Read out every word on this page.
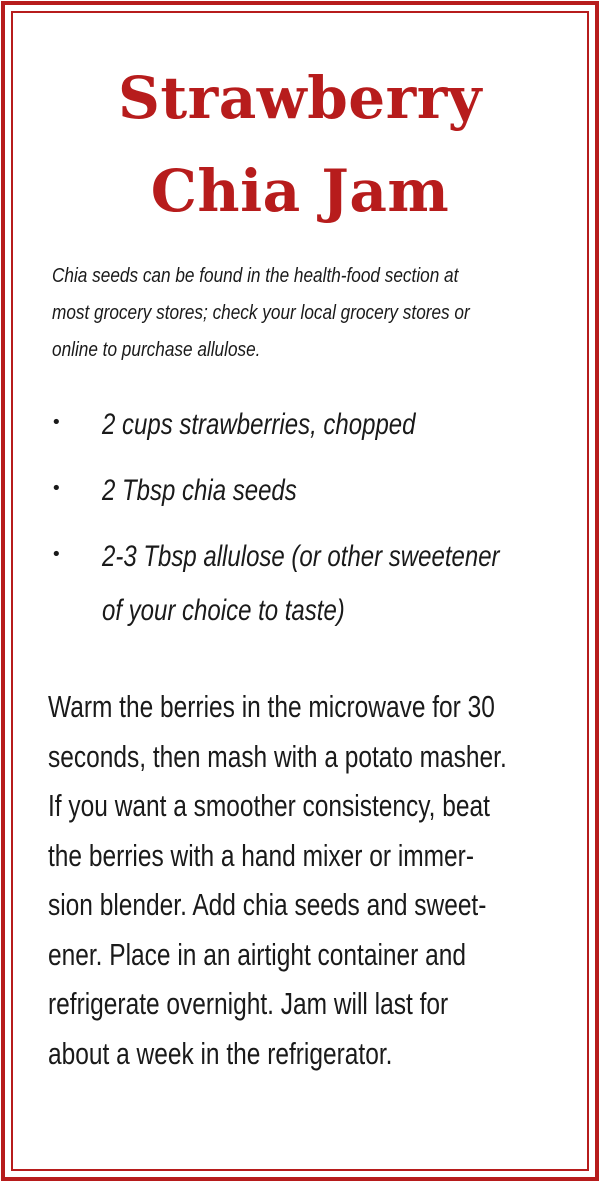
Strawberry
Chia Jam

Chia seeds can be found in the health-food section at
most grocery stores; check your local grocery stores or
online to purchase allulose.

• 2 cups strawberries, chopped
• 2 Tbsp chia seeds
• 2-3 Tbsp allulose (or other sweetener
of your choice to taste)

Warm the berries in the microwave for 30
seconds, then mash with a potato masher.
If you want a smoother consistency, beat
the berries with a hand mixer or immer-
sion blender. Add chia seeds and sweet-
ener. Place in an airtight container and
refrigerate overnight. Jam will last for
about a week in the refrigerator.
